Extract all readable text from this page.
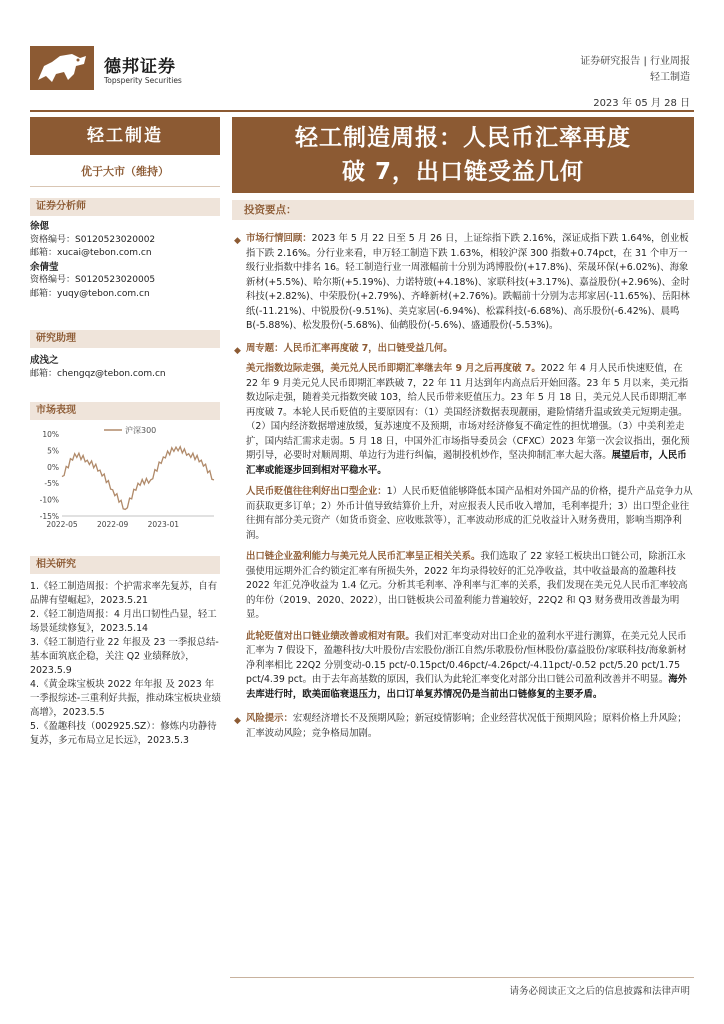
德邦证券
Topsperity Securities
证券研究报告 | 行业周报
轻工制造
2023 年 05 月 28 日
轻工制造
优于大市（维持）
轻工制造周报：人民币汇率再度
破 7，出口链受益几何
证券分析师
徐偲
资格编号：S0120523020002
邮箱：xucai@tebon.com.cn
余倩莹
资格编号：S0120523020005
邮箱：yuqy@tebon.com.cn
研究助理
成浅之
邮箱：chengqz@tebon.com.cn
市场表现
10%
5%
0%
-5%
-10%
-15%
2022-05	2022-09	2023-01
沪深300
相关研究

1.《轻工制造周报：个护需求率先复苏，自有品牌有望崛起》，2023.5.21

2.《轻工制造周报：4 月出口韧性凸显，轻工场景延续修复》，2023.5.14

3.《轻工制造行业 22 年报及 23 一季报总结-基本面筑底企稳，关注 Q2 业绩释放》，2023.5.9

4.《黄金珠宝板块 2022 年年报 及 2023 年一季报综述-三重利好共振，推动珠宝板块业绩高增》，2023.5.5

5.《盈趣科技（002925.SZ）：修炼内功静待复苏，多元布局立足长远》，2023.5.3

投资要点：
◆ 市场行情回顾：2023 年 5 月 22 日至 5 月 26 日，上证综指下跌 2.16%，深证成指下跌 1.64%，创业板指下跌 2.16%。分行业来看，申万轻工制造下跌 1.63%，相较沪深 300 指数+0.74pct，在 31 个申万一级行业指数中排名 16。轻工制造行业一周涨幅前十分别为鸿博股份(+17.8%)、荣晟环保(+6.02%)、海象新材(+5.5%)、哈尔斯(+5.19%)、力诺特玻(+4.18%)、家联科技(+3.17%)、嘉益股份(+2.96%)、金时科技(+2.82%)、中荣股份(+2.79%)、齐峰新材(+2.76%)。跌幅前十分别为志邦家居(-11.65%)、岳阳林纸(-11.21%)、中锐股份(-9.51%)、美克家居(-6.94%)、松霖科技(-6.68%)、高乐股份(-6.42%)、晨鸣 B(-5.88%)、松发股份(-5.68%)、仙鹤股份(-5.6%)、盛通股份(-5.53%)。
◆ 周专题：人民币汇率再度破 7，出口链受益几何。
美元指数边际走强，美元兑人民币即期汇率继去年 9 月之后再度破 7。2022 年 4 月人民币快速贬值，在 22 年 9 月美元兑人民币即期汇率跌破 7，22 年 11 月达到年内高点后开始回落。23 年 5 月以来，美元指数边际走强，随着美元指数突破 103，给人民币带来贬值压力。23 年 5 月 18 日，美元兑人民币即期汇率再度破 7。本轮人民币贬值的主要原因有：（1）美国经济数据表现靓丽，避险情绪升温或致美元短期走强。（2）国内经济数据增速放缓，复苏速度不及预期，市场对经济修复不确定性的担忧增强。（3）中美利差走扩，国内结汇需求走弱。5 月 18 日，中国外汇市场指导委员会（CFXC）2023 年第一次会议指出，强化预期引导，必要时对顺周期、单边行为进行纠偏，遏制投机炒作，坚决抑制汇率大起大落。展望后市，人民币汇率或能逐步回到相对平稳水平。
人民币贬值往往利好出口型企业：1）人民币贬值能够降低本国产品相对外国产品的价格，提升产品竞争力从而获取更多订单；2）外币计值导致结算价上升，对应报表人民币收入增加，毛利率提升；3）出口型企业往往拥有部分美元资产（如货币资金、应收账款等），汇率波动形成的汇兑收益计入财务费用，影响当期净利润。
出口链企业盈利能力与美元兑人民币汇率呈正相关关系。我们选取了 22 家轻工板块出口链公司，除浙江永强使用远期外汇合约锁定汇率有所损失外，2022 年均录得较好的汇兑净收益，其中收益最高的盈趣科技 2022 年汇兑净收益为 1.4 亿元。分析其毛利率、净利率与汇率的关系，我们发现在美元兑人民币汇率较高的年份（2019、2020、2022），出口链板块公司盈利能力普遍较好，22Q2 和 Q3 财务费用改善最为明显。
此轮贬值对出口链业绩改善或相对有限。我们对汇率变动对出口企业的盈利水平进行测算，在美元兑人民币汇率为 7 假设下，盈趣科技/大叶股份/吉宏股份/浙江自然/乐歌股份/恒林股份/嘉益股份/家联科技/海象新材净利率相比 22Q2 分别变动-0.15 pct/-0.15pct/0.46pct/-4.26pct/-4.11pct/-0.52 pct/5.20 pct/1.75 pct/4.39 pct。由于去年高基数的原因，我们认为此轮汇率变化对部分出口链公司盈利改善并不明显。海外去库进行时，欧美面临衰退压力，出口订单复苏情况仍是当前出口链修复的主要矛盾。
◆ 风险提示：宏观经济增长不及预期风险；新冠疫情影响；企业经营状况低于预期风险；原料价格上升风险；汇率波动风险；竞争格局加剧。
请务必阅读正文之后的信息披露和法律声明
